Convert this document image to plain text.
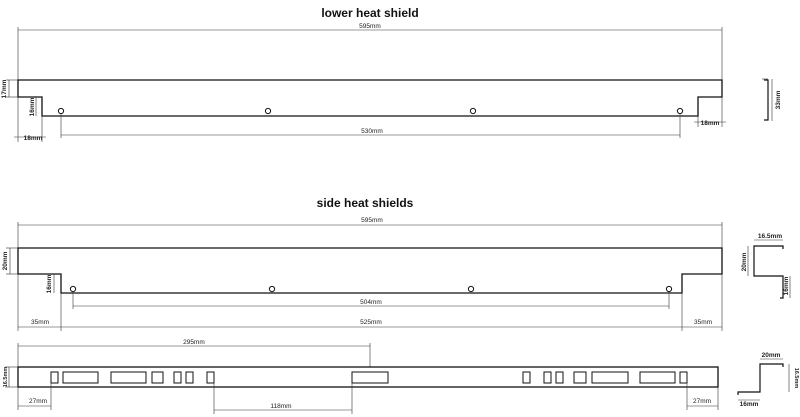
lower heat shield
595mm
17mm
16mm
18mm
18mm
530mm
33mm
side heat shields
595mm
20mm
16mm
504mm
35mm	525mm	35mm
16.5mm
20mm
16mm
295mm
16.5mm
27mm
118mm
27mm
20mm
16mm
16.5mm
